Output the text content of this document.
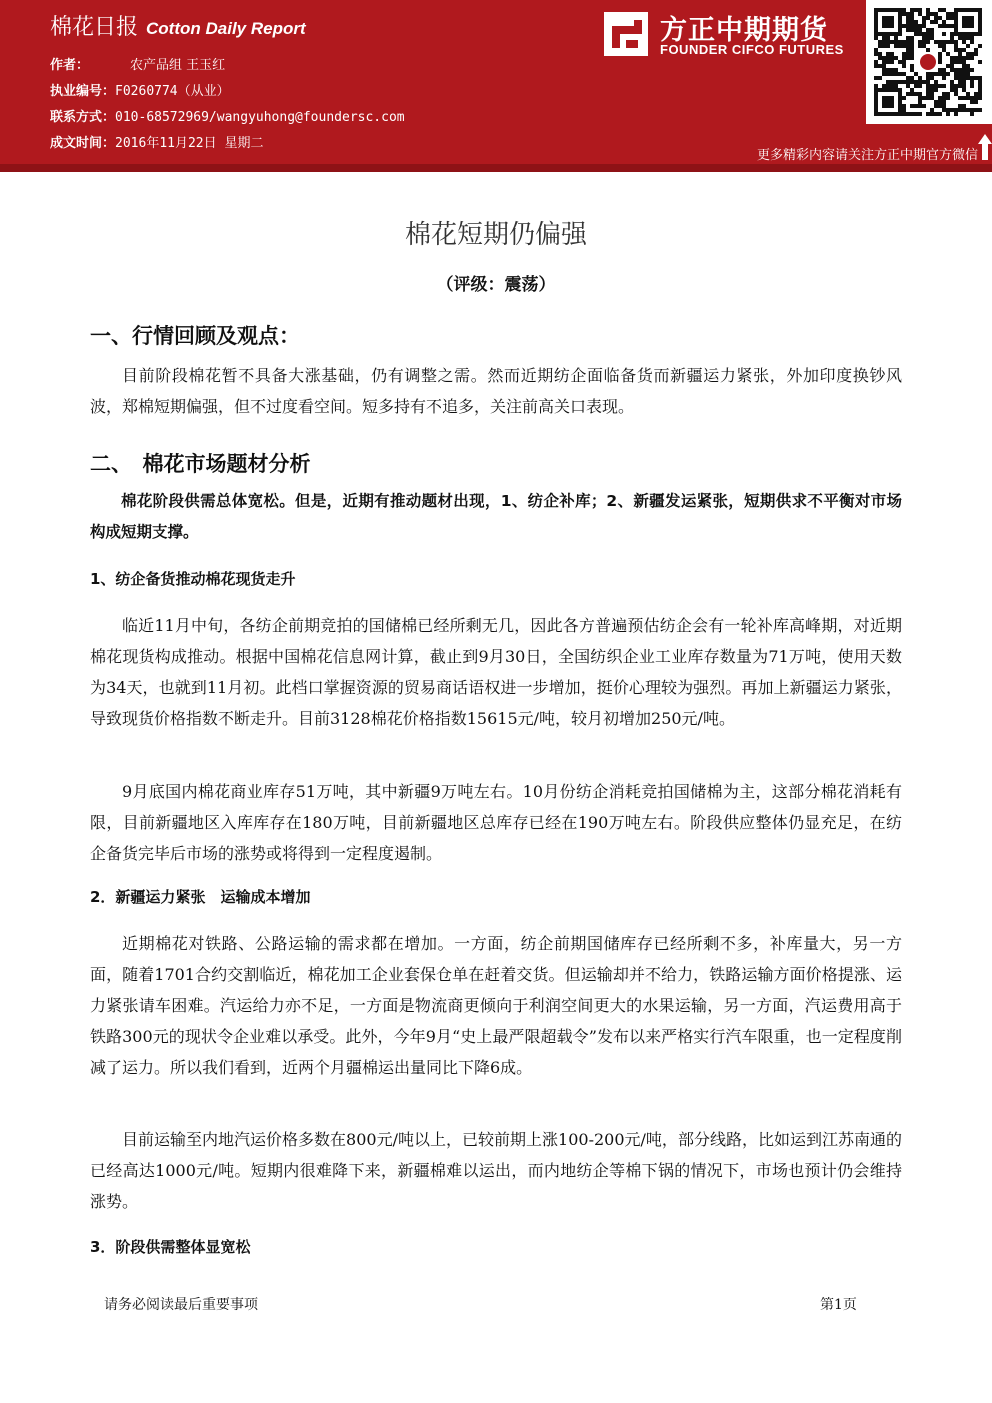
棉花日报 Cotton Daily Report
作者：	农产品组 王玉红
执业编号：F0260774（从业）
联系方式：010-68572969/wangyuhong@foundersc.com
成文时间：2016年11月22日 星期二
方正中期期货
FOUNDER CIFCO FUTURES
更多精彩内容请关注方正中期官方微信
棉花短期仍偏强
（评级：震荡）
一、行情回顾及观点：
目前阶段棉花暂不具备大涨基础，仍有调整之需。然而近期纺企面临备货而新疆运力紧张，外加印度换钞风波，郑棉短期偏强，但不过度看空间。短多持有不追多，关注前高关口表现。
二、　棉花市场题材分析
棉花阶段供需总体宽松。但是，近期有推动题材出现，1、纺企补库；2、新疆发运紧张，短期供求不平衡对市场构成短期支撑。
1、纺企备货推动棉花现货走升
临近11月中旬，各纺企前期竞拍的国储棉已经所剩无几，因此各方普遍预估纺企会有一轮补库高峰期，对近期棉花现货构成推动。根据中国棉花信息网计算，截止到9月30日，全国纺织企业工业库存数量为71万吨，使用天数为34天，也就到11月初。此档口掌握资源的贸易商话语权进一步增加，挺价心理较为强烈。再加上新疆运力紧张，导致现货价格指数不断走升。目前3128棉花价格指数15615元/吨，较月初增加250元/吨。
9月底国内棉花商业库存51万吨，其中新疆9万吨左右。10月份纺企消耗竞拍国储棉为主，这部分棉花消耗有限，目前新疆地区入库库存在180万吨，目前新疆地区总库存已经在190万吨左右。阶段供应整体仍显充足，在纺企备货完毕后市场的涨势或将得到一定程度遏制。
2．新疆运力紧张　运输成本增加
近期棉花对铁路、公路运输的需求都在增加。一方面，纺企前期国储库存已经所剩不多，补库量大，另一方面，随着1701合约交割临近，棉花加工企业套保仓单在赶着交货。但运输却并不给力，铁路运输方面价格提涨、运力紧张请车困难。汽运给力亦不足，一方面是物流商更倾向于利润空间更大的水果运输，另一方面，汽运费用高于铁路300元的现状令企业难以承受。此外，今年9月“史上最严限超载令”发布以来严格实行汽车限重，也一定程度削减了运力。所以我们看到，近两个月疆棉运出量同比下降6成。
目前运输至内地汽运价格多数在800元/吨以上，已较前期上涨100-200元/吨，部分线路，比如运到江苏南通的已经高达1000元/吨。短期内很难降下来，新疆棉难以运出，而内地纺企等棉下锅的情况下，市场也预计仍会维持涨势。
3．阶段供需整体显宽松
请务必阅读最后重要事项	第1页
